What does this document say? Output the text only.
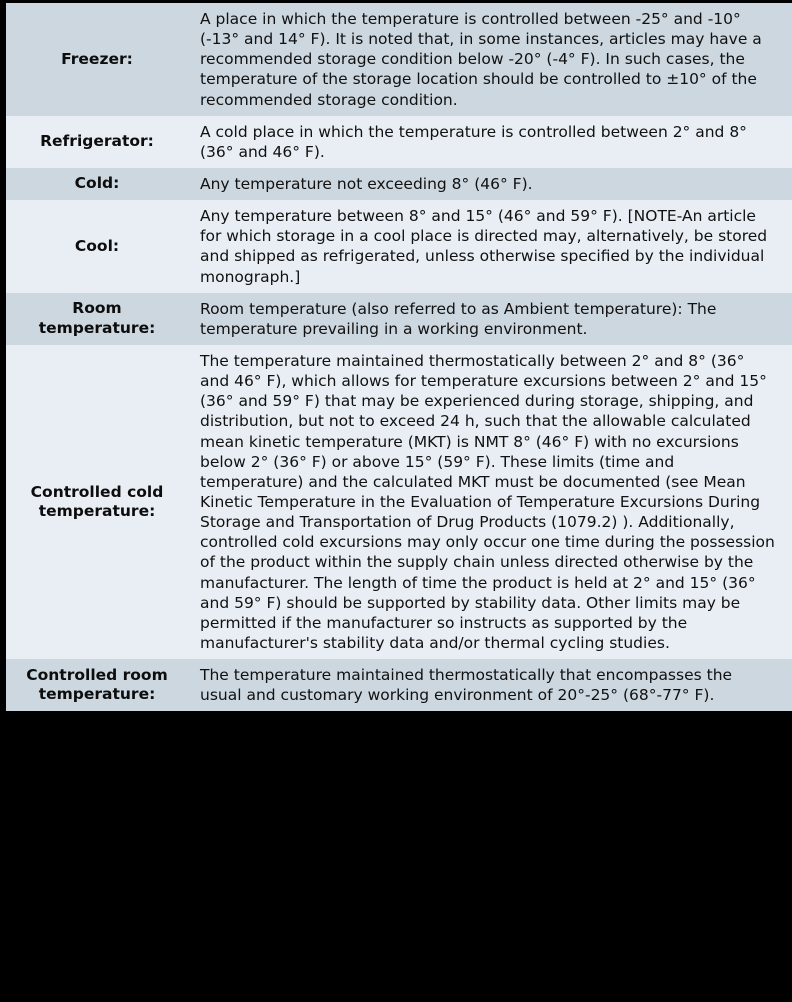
Freezer:	A place in which the temperature is controlled between -25° and -10° (-13° and 14° F). It is noted that, in some instances, articles may have a recommended storage condition below -20° (-4° F). In such cases, the temperature of the storage location should be controlled to ±10° of the recommended storage condition.
Refrigerator:	A cold place in which the temperature is controlled between 2° and 8° (36° and 46° F).
Cold:	Any temperature not exceeding 8° (46° F).
Cool:	Any temperature between 8° and 15° (46° and 59° F). [NOTE-An article for which storage in a cool place is directed may, alternatively, be stored and shipped as refrigerated, unless otherwise specified by the individual monograph.]
Room temperature:	Room temperature (also referred to as Ambient temperature): The temperature prevailing in a working environment.
Controlled cold temperature:	The temperature maintained thermostatically between 2° and 8° (36° and 46° F), which allows for temperature excursions between 2° and 15° (36° and 59° F) that may be experienced during storage, shipping, and distribution, but not to exceed 24 h, such that the allowable calculated mean kinetic temperature (MKT) is NMT 8° (46° F) with no excursions below 2° (36° F) or above 15° (59° F). These limits (time and temperature) and the calculated MKT must be documented (see Mean Kinetic Temperature in the Evaluation of Temperature Excursions During Storage and Transportation of Drug Products (1079.2) ). Additionally, controlled cold excursions may only occur one time during the possession of the product within the supply chain unless directed otherwise by the manufacturer. The length of time the product is held at 2° and 15° (36° and 59° F) should be supported by stability data. Other limits may be permitted if the manufacturer so instructs as supported by the manufacturer's stability data and/or thermal cycling studies.
Controlled room temperature:	The temperature maintained thermostatically that encompasses the usual and customary working environment of 20°-25° (68°-77° F).
